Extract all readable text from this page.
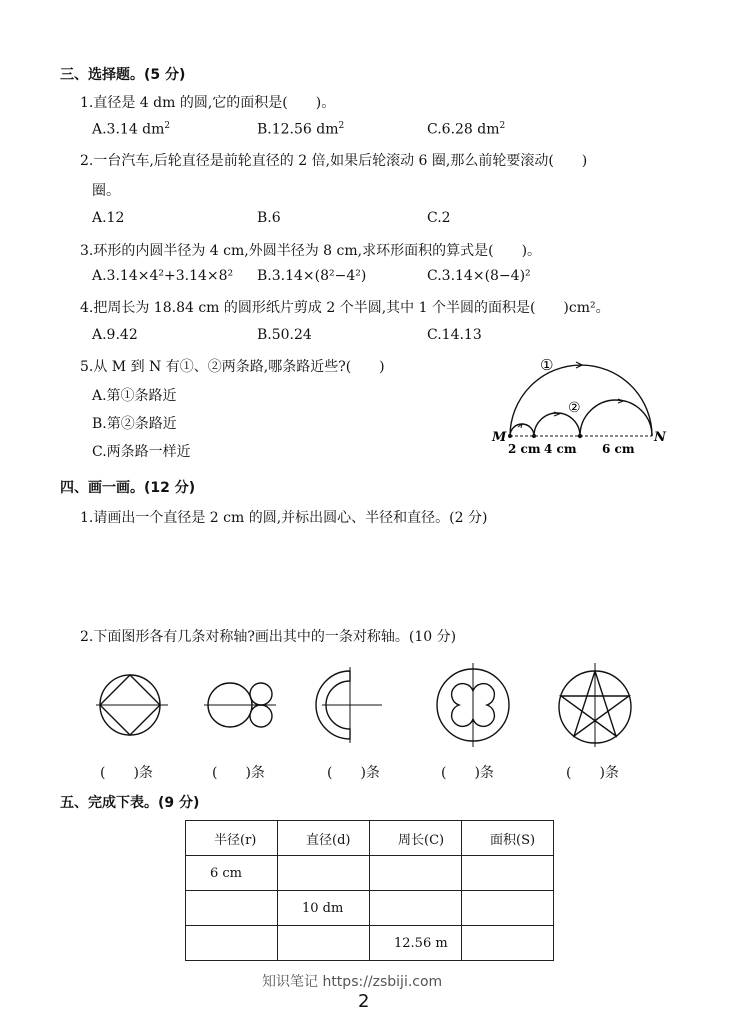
三、选择题。(5 分)
1.直径是 4 dm 的圆,它的面积是(　　)。
A.3.14 $dm^2$	B.12.56 $dm^2$	C.6.28 $dm^2$
2.一台汽车,后轮直径是前轮直径的 2 倍,如果后轮滚动 6 圈,那么前轮要滚动(　　)
圈。
A.12	B.6	C.2
3.环形的内圆半径为 4 cm,外圆半径为 8 cm,求环形面积的算式是(　　)。
A.3.14×4²+3.14×8² B.3.14×(8²−4²)	C.3.14×(8−4)²
4.把周长为 18.84 cm 的圆形纸片剪成 2 个半圆,其中 1 个半圆的面积是(　　)cm²。
A.9.42	B.50.24	C.14.13
5.从 M 到 N 有①、②两条路,哪条路近些?(　　)
A.第①条路近
B.第②条路近
C.两条路一样近
①
②
M	N
2 cm 4 cm 6 cm
四、画一画。(12 分)
1.请画出一个直径是 2 cm 的圆,并标出圆心、半径和直径。(2 分)
2.下面图形各有几条对称轴?画出其中的一条对称轴。(10 分)
(　　)条	(　　)条	(　　)条	(　　)条	(　　)条
五、完成下表。(9 分)
半径(r)	直径(d)	周长(C)	面积(S)
6 cm			
	10 dm		
		12.56 m	
知识笔记 https://zsbiji.com
2
